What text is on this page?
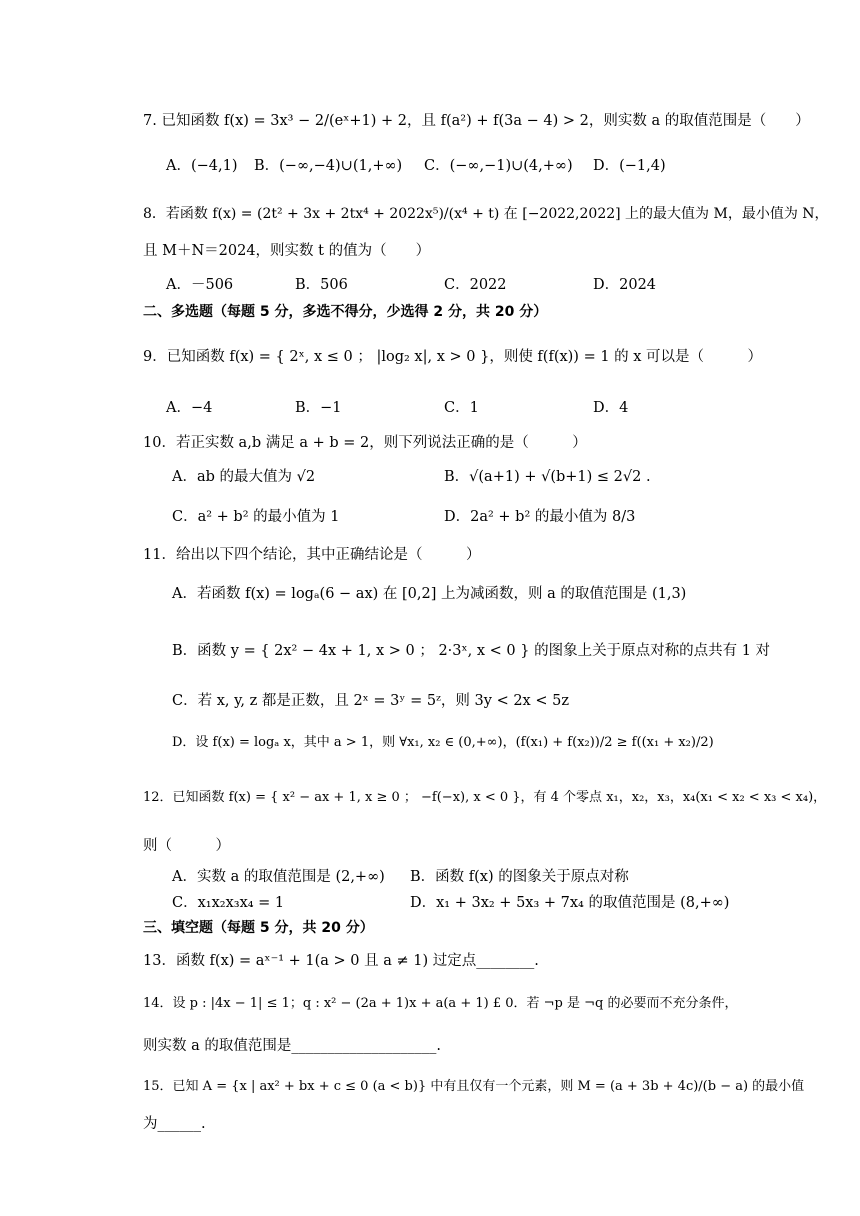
7. 已知函数 f(x) = 3x³ − 2/(eˣ+1) + 2，且 f(a²) + f(3a − 4) > 2，则实数 a 的取值范围是（　　）
A．(−4,1) B．(−∞,−4)∪(1,+∞) C．(−∞,−1)∪(4,+∞) D．(−1,4)
8．若函数 f(x) = (2t² + 3x + 2tx⁴ + 2022x⁵)/(x⁴ + t) 在 [−2022,2022] 上的最大值为 M，最小值为 N，
且 M＋N＝2024，则实数 t 的值为（　　）
A．－506	B．506	C．2022	D．2024
二、多选题（每题 5 分，多选不得分，少选得 2 分，共 20 分）
9．已知函数 f(x) = { 2ˣ, x ≤ 0 ； |log₂ x|, x > 0 }，则使 f(f(x)) = 1 的 x 可以是（　　　）
A．−4	B．−1	C．1	D．4
10．若正实数 a,b 满足 a + b = 2，则下列说法正确的是（　　　）
A．ab 的最大值为 √2	B．√(a+1) + √(b+1) ≤ 2√2 .
C．a² + b² 的最小值为 1	D．2a² + b² 的最小值为 8/3
11．给出以下四个结论，其中正确结论是（　　　）
A．若函数 f(x) = logₐ(6 − ax) 在 [0,2] 上为减函数，则 a 的取值范围是 (1,3)
B．函数 y = { 2x² − 4x + 1, x > 0 ； 2·3ˣ, x < 0 } 的图象上关于原点对称的点共有 1 对
C．若 x, y, z 都是正数，且 2ˣ = 3ʸ = 5ᶻ，则 3y < 2x < 5z
D．设 f(x) = logₐ x，其中 a > 1，则 ∀x₁, x₂ ∈ (0,+∞)，(f(x₁) + f(x₂))/2 ≥ f((x₁ + x₂)/2)
12．已知函数 f(x) = { x² − ax + 1, x ≥ 0 ； −f(−x), x < 0 }，有 4 个零点 x₁，x₂，x₃，x₄(x₁ < x₂ < x₃ < x₄)，
则（　　　）
A．实数 a 的取值范围是 (2,+∞) B．函数 f(x) 的图象关于原点对称
C．x₁x₂x₃x₄ = 1	D．x₁ + 3x₂ + 5x₃ + 7x₄ 的取值范围是 (8,+∞)
三、填空题（每题 5 分，共 20 分）
13．函数 f(x) = aˣ⁻¹ + 1(a > 0 且 a ≠ 1) 过定点________.
14．设 p : |4x − 1| ≤ 1；q : x² − (2a + 1)x + a(a + 1) £ 0．若 ¬p 是 ¬q 的必要而不充分条件，
则实数 a 的取值范围是____________________.
15．已知 A = {x | ax² + bx + c ≤ 0 (a < b)} 中有且仅有一个元素，则 M = (a + 3b + 4c)/(b − a) 的最小值
为______.
